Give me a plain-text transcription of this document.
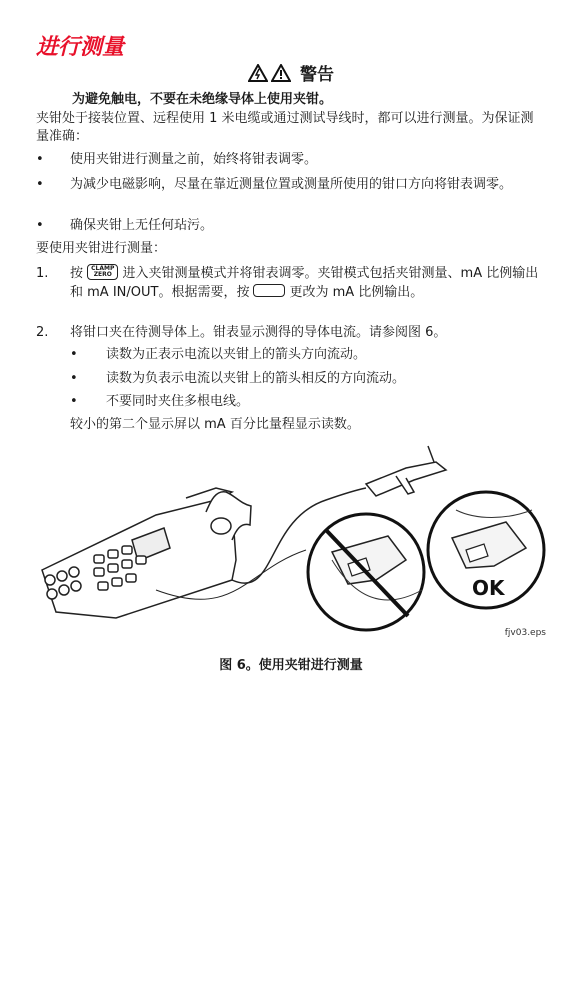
进行测量
警告
为避免触电，不要在未绝缘导体上使用夹钳。
夹钳处于接装位置、远程使用 1 米电缆或通过测试导线时，都可以进行测量。为保证测量准确：
• 使用夹钳进行测量之前，始终将钳表调零。
• 为减少电磁影响，尽量在靠近测量位置或测量所使用的钳口方向将钳表调零。
• 确保夹钳上无任何玷污。
要使用夹钳进行测量：
1. 按 CLAMP
ZERO 进入夹钳测量模式并将钳表调零。夹钳模式包括夹钳测量、mA 比例输出和 mA IN/OUT。根据需要，按	更改为 mA 比例输出。
2. 将钳口夹在待测导体上。钳表显示测得的导体电流。请参阅图 6。
• 读数为正表示电流以夹钳上的箭头方向流动。
• 读数为负表示电流以夹钳上的箭头相反的方向流动。
• 不要同时夹住多根电线。
较小的第二个显示屏以 mA 百分比量程显示读数。
OK
fjv03.eps
图 6。使用夹钳进行测量
